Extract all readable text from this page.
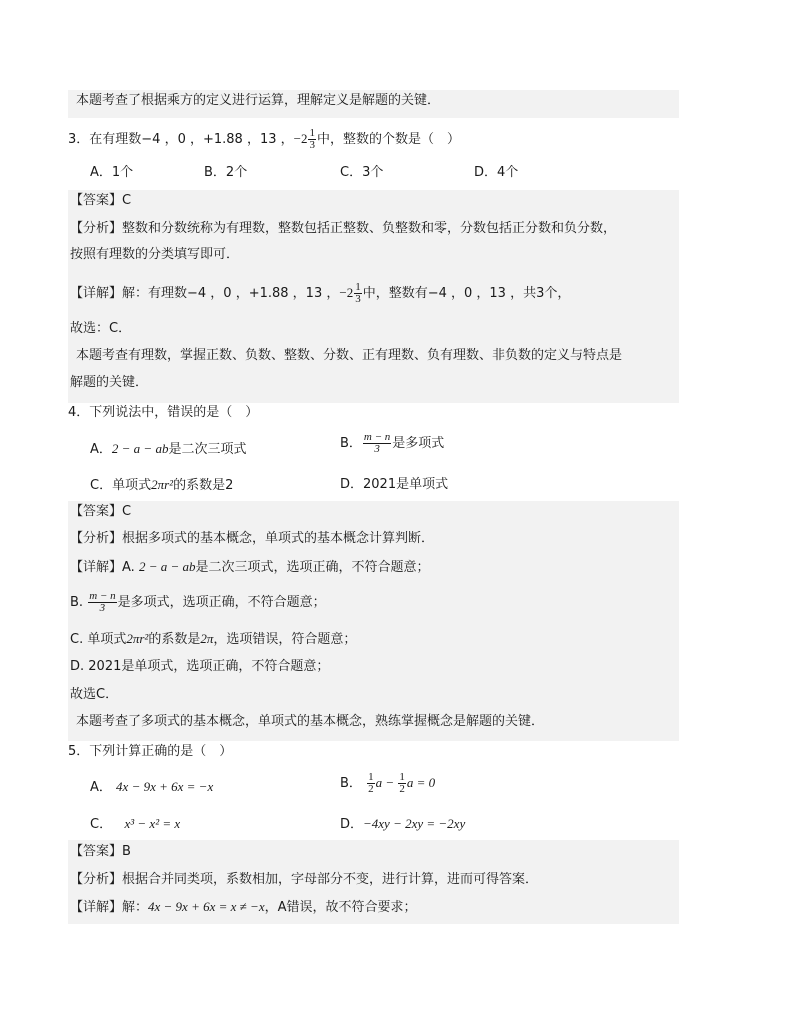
本题考查了根据乘方的定义进行运算，理解定义是解题的关键．
3．在有理数−4 ，0 ，+1.88 ，13 ，$-2 \frac{1}{3}$ 中，整数的个数是（　）
A．1个	B．2个	C．3个	D．4个
【答案】C
【分析】整数和分数统称为有理数，整数包括正整数、负整数和零，分数包括正分数和负分数，
按照有理数的分类填写即可．
【详解】解：有理数−4 ，0 ，+1.88 ，13 ，$-2 \frac{1}{3}$ 中，整数有−4 ，0 ，13 ，共3个，
故选：C．
本题考查有理数，掌握正数、负数、整数、分数、正有理数、负有理数、非负数的定义与特点是
解题的关键．
4．下列说法中，错误的是（　）
A．2 − a − ab是二次三项式	B． $\frac{m - n}{3}$ 是多项式
C．单项式2πr²的系数是2	D．2021是单项式
【答案】C
【分析】根据多项式的基本概念，单项式的基本概念计算判断．
【详解】A. 2 − a − ab是二次三项式，选项正确，不符合题意；
B. $\frac{m - n}{3}$ 是多项式，选项正确，不符合题意；
C. 单项式2πr²的系数是2π，选项错误，符合题意；
D. 2021是单项式，选项正确，不符合题意；
故选C．
本题考查了多项式的基本概念，单项式的基本概念，熟练掌握概念是解题的关键．
5．下列计算正确的是（　）
A． 4x − 9x + 6x = −x	B． $\frac{1}{2}$ $a - \frac{1}{2}$ a = 0
C． x³ − x² = x	D．−4xy − 2xy = −2xy
【答案】B
【分析】根据合并同类项，系数相加，字母部分不变，进行计算，进而可得答案．
【详解】解：4x − 9x + 6x = x ≠ −x，A错误，故不符合要求；
